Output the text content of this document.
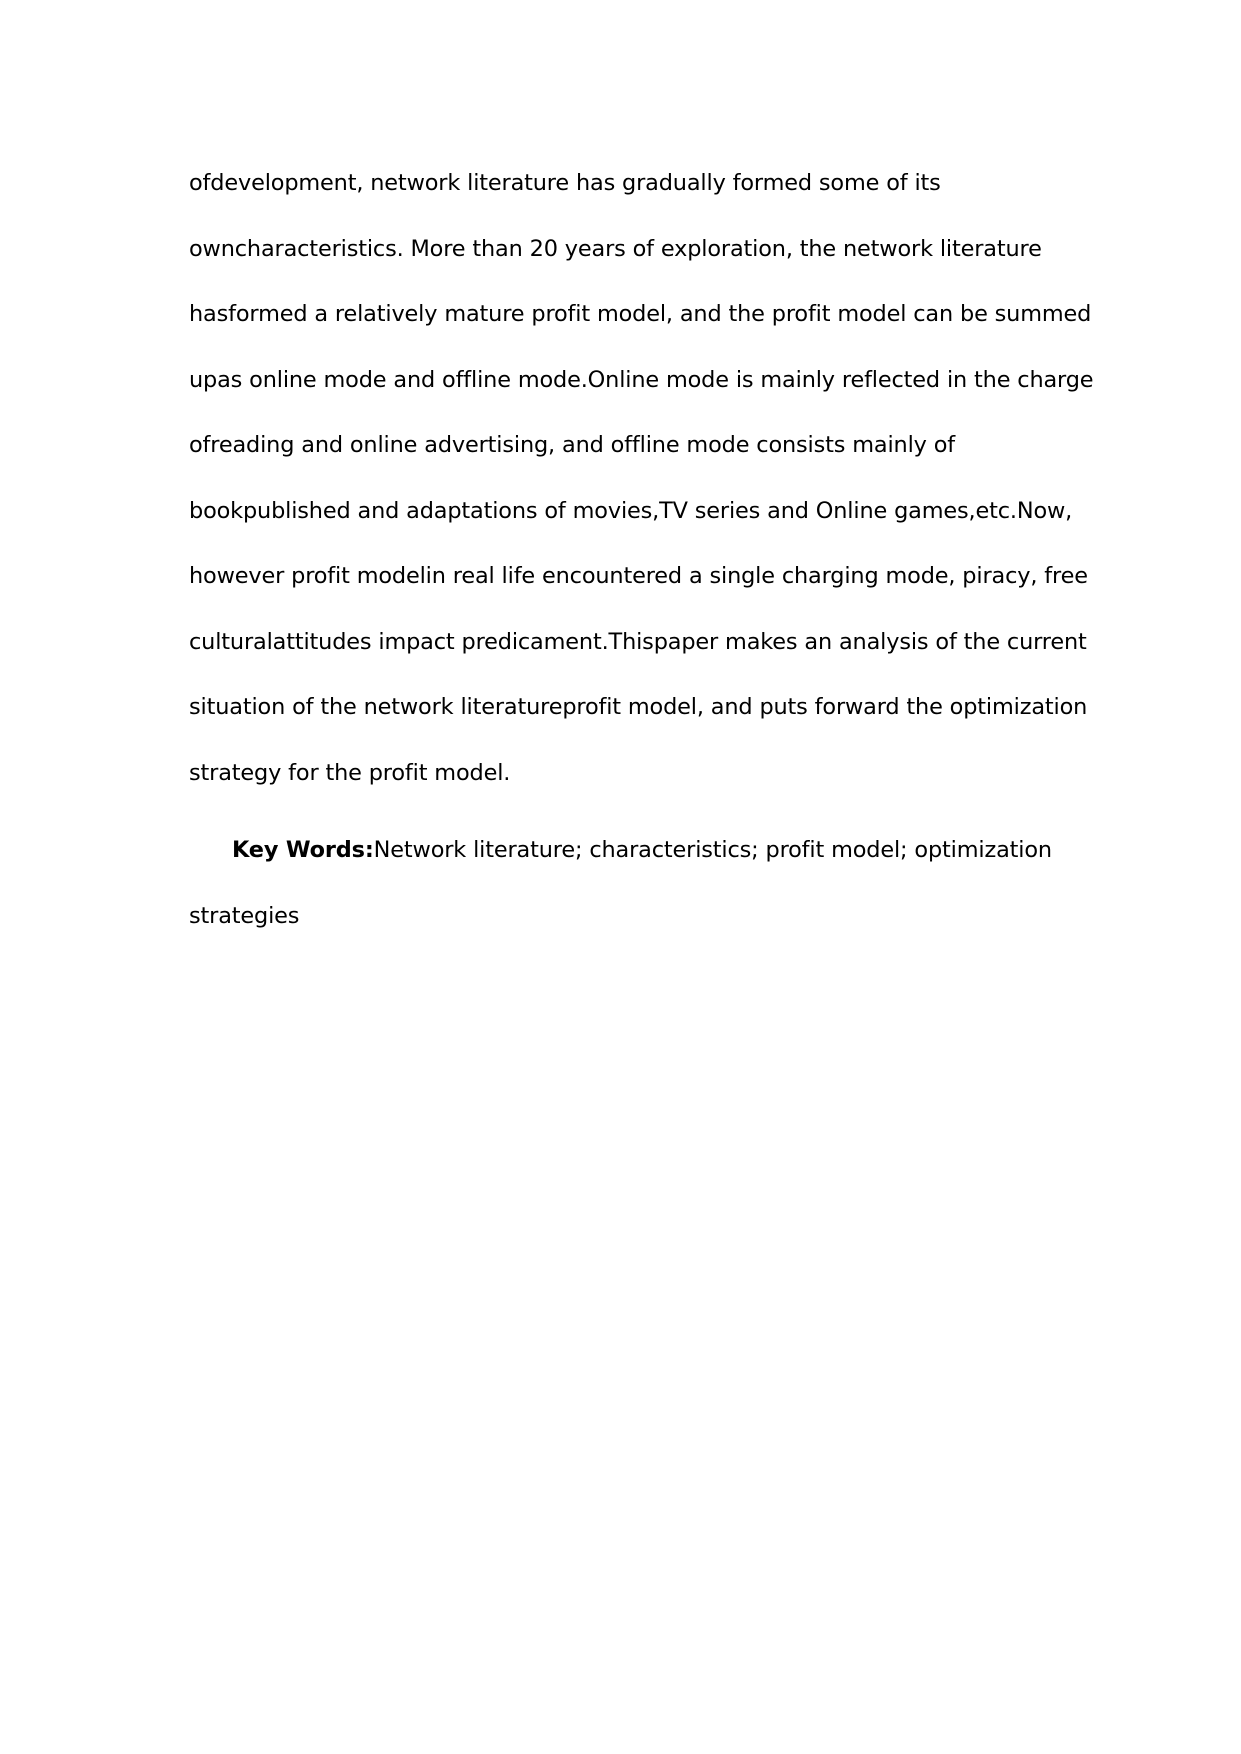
ofdevelopment, network literature has gradually formed some of its
owncharacteristics. More than 20 years of exploration, the network literature
hasformed a relatively mature profit model, and the profit model can be summed
upas online mode and offline mode.Online mode is mainly reflected in the charge
ofreading and online advertising, and offline mode consists mainly of
bookpublished and adaptations of movies,TV series and Online games,etc.Now,
however profit modelin real life encountered a single charging mode, piracy, free
culturalattitudes impact predicament.Thispaper makes an analysis of the current
situation of the network literatureprofit model, and puts forward the optimization
strategy for the profit model.
Key Words:Network literature; characteristics; profit model; optimization
strategies
